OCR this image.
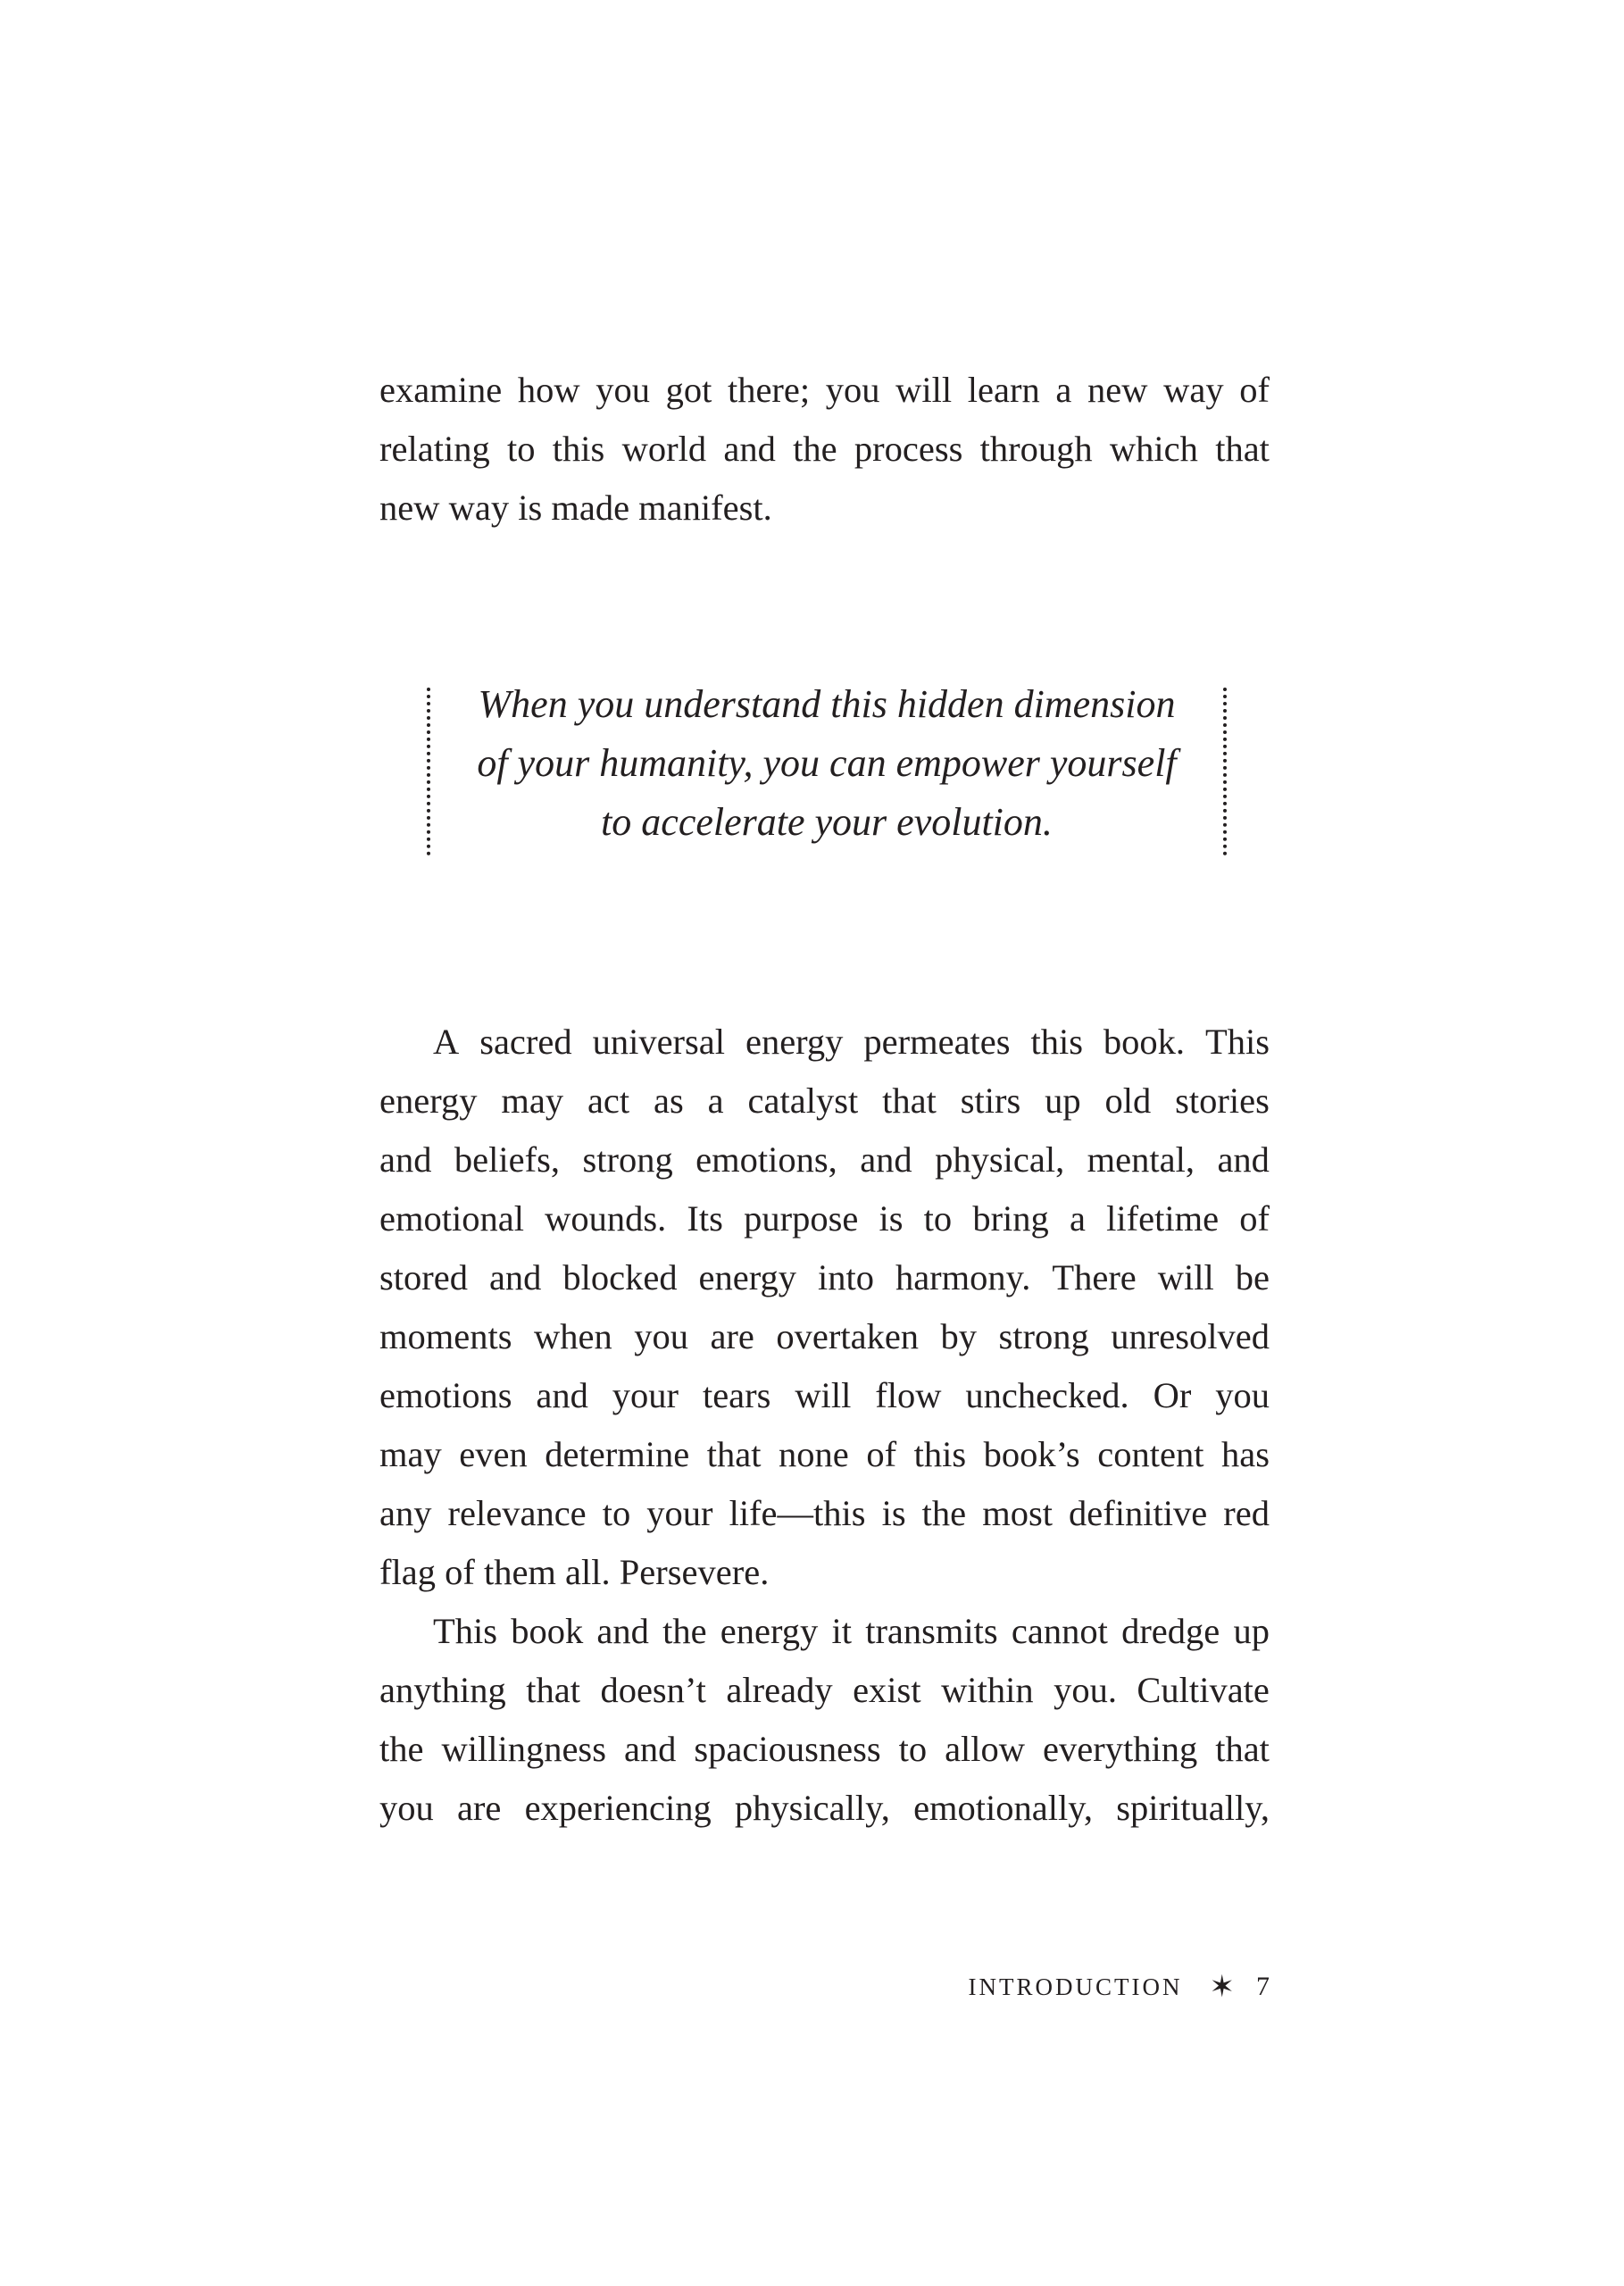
examine how you got there; you will learn a new way of
relating to this world and the process through which that
new way is made manifest.
When you understand this hidden dimension
of your humanity, you can empower yourself
to accelerate your evolution.
A sacred universal energy permeates this book. This
energy may act as a catalyst that stirs up old stories
and beliefs, strong emotions, and physical, mental, and
emotional wounds. Its purpose is to bring a lifetime of
stored and blocked energy into harmony. There will be
moments when you are overtaken by strong unresolved
emotions and your tears will flow unchecked. Or you
may even determine that none of this book’s content has
any relevance to your life—this is the most definitive red
flag of them all. Persevere.
This book and the energy it transmits cannot dredge up
anything that doesn’t already exist within you. Cultivate
the willingness and spaciousness to allow everything that
you are experiencing physically, emotionally, spiritually,
INTRODUCTION ✶ 7
